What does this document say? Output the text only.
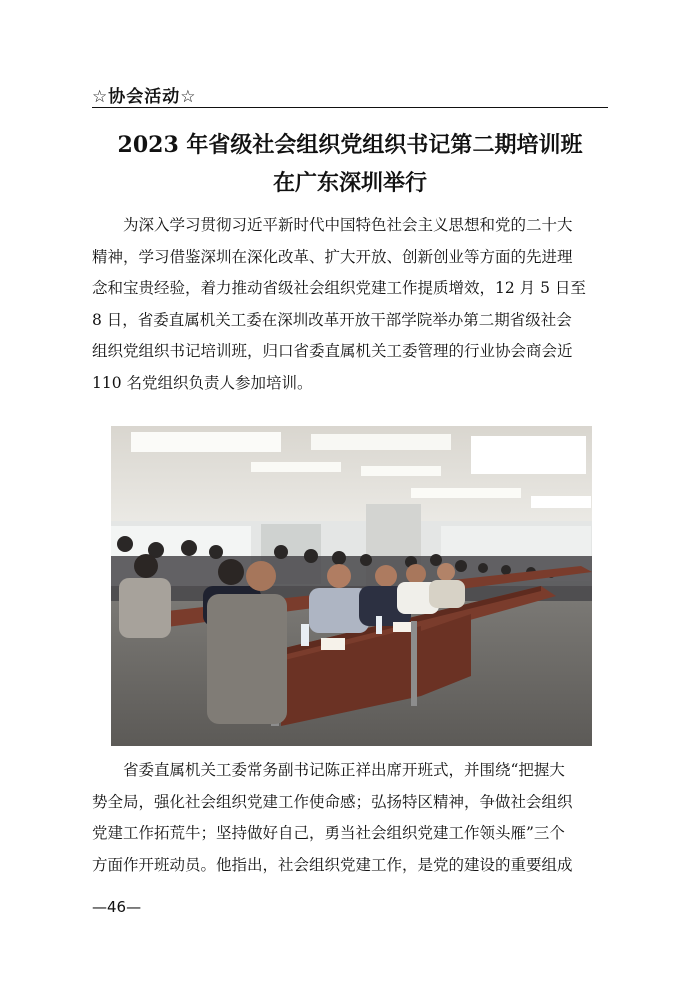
☆协会活动☆
2023 年省级社会组织党组织书记第二期培训班
在广东深圳举行
为深入学习贯彻习近平新时代中国特色社会主义思想和党的二十大
精神，学习借鉴深圳在深化改革、扩大开放、创新创业等方面的先进理
念和宝贵经验，着力推动省级社会组织党建工作提质增效，12 月 5 日至
8 日，省委直属机关工委在深圳改革开放干部学院举办第二期省级社会
组织党组织书记培训班，归口省委直属机关工委管理的行业协会商会近
110 名党组织负责人参加培训。
省委直属机关工委常务副书记陈正祥出席开班式，并围绕“把握大
势全局，强化社会组织党建工作使命感；弘扬特区精神，争做社会组织
党建工作拓荒牛；坚持做好自己，勇当社会组织党建工作领头雁”三个
方面作开班动员。他指出，社会组织党建工作，是党的建设的重要组成
—46—
